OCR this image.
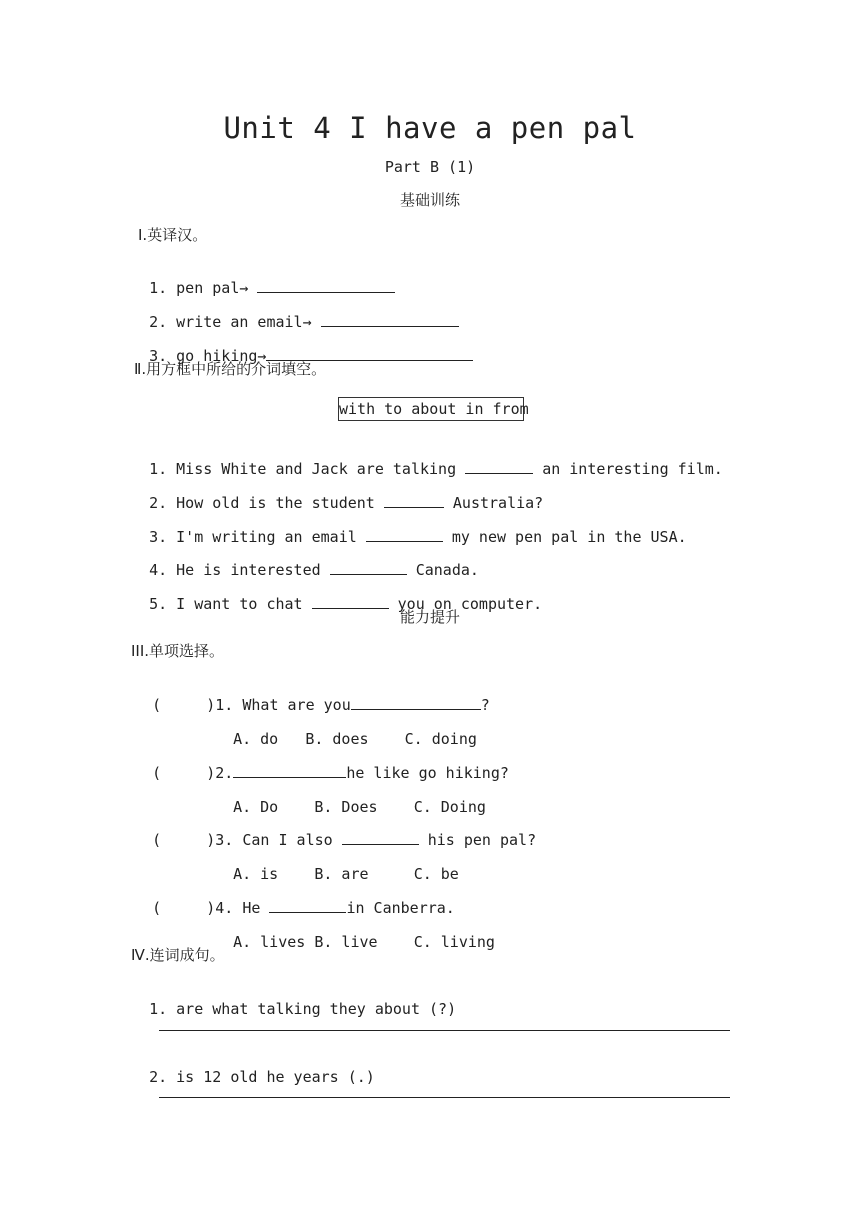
Unit 4 I have a pen pal
Part B (1)
基础训练
Ⅰ.英译汉。

1. pen pal→

2. write an email→

3. go hiking→

Ⅱ.用方框中所给的介词填空。
with to about in from

1. Miss White and Jack are talking	an interesting film.

2. How old is the student	Australia?

3. I'm writing an email	my new pen pal in the USA.

4. He is interested	Canada.

5. I want to chat	you on computer.

能力提升
III.单项选择。

(     )1. What are you	?

A. do B. does C. doing

(     )2.	he like go hiking?

A. Do B. Does C. Doing

(     )3. Can I also	his pen pal?

A. is B. are	C. be

(     )4. He	in Canberra.

A. lives B. live C. living

Ⅳ.连词成句。

1. are what talking they about (?)

2. is 12 old he years (.)
